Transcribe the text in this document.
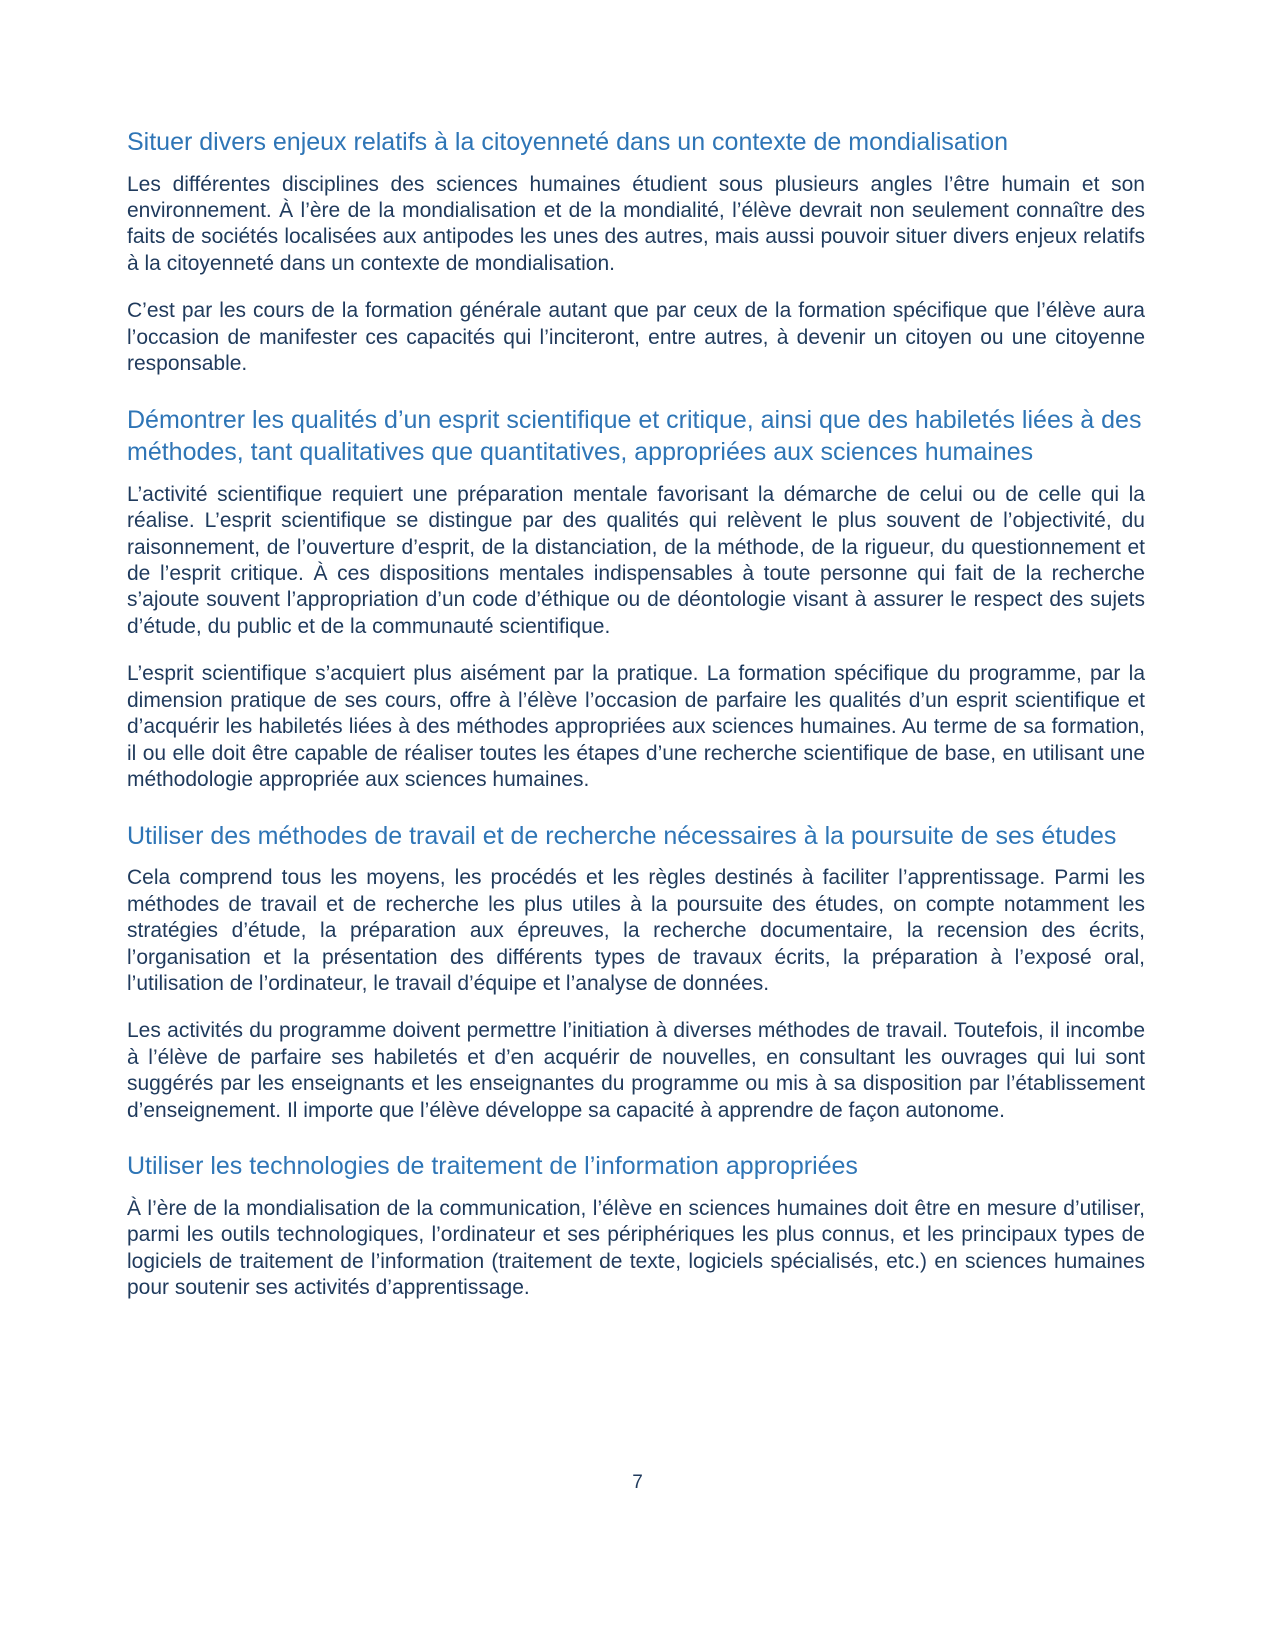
Situer divers enjeux relatifs à la citoyenneté dans un contexte de mondialisation

Les différentes disciplines des sciences humaines étudient sous plusieurs angles l’être humain et son environnement. À l’ère de la mondialisation et de la mondialité, l’élève devrait non seulement connaître des faits de sociétés localisées aux antipodes les unes des autres, mais aussi pouvoir situer divers enjeux relatifs à la citoyenneté dans un contexte de mondialisation.

C’est par les cours de la formation générale autant que par ceux de la formation spécifique que l’élève aura l’occasion de manifester ces capacités qui l’inciteront, entre autres, à devenir un citoyen ou une citoyenne responsable.

Démontrer les qualités d’un esprit scientifique et critique, ainsi que des habiletés liées à des méthodes, tant qualitatives que quantitatives, appropriées aux sciences humaines

L’activité scientifique requiert une préparation mentale favorisant la démarche de celui ou de celle qui la réalise. L’esprit scientifique se distingue par des qualités qui relèvent le plus souvent de l’objectivité, du raisonnement, de l’ouverture d’esprit, de la distanciation, de la méthode, de la rigueur, du questionnement et de l’esprit critique. À ces dispositions mentales indispensables à toute personne qui fait de la recherche s’ajoute souvent l’appropriation d’un code d’éthique ou de déontologie visant à assurer le respect des sujets d’étude, du public et de la communauté scientifique.

L’esprit scientifique s’acquiert plus aisément par la pratique. La formation spécifique du programme, par la dimension pratique de ses cours, offre à l’élève l’occasion de parfaire les qualités d’un esprit scientifique et d’acquérir les habiletés liées à des méthodes appropriées aux sciences humaines. Au terme de sa formation, il ou elle doit être capable de réaliser toutes les étapes d’une recherche scientifique de base, en utilisant une méthodologie appropriée aux sciences humaines.

Utiliser des méthodes de travail et de recherche nécessaires à la poursuite de ses études

Cela comprend tous les moyens, les procédés et les règles destinés à faciliter l’apprentissage. Parmi les méthodes de travail et de recherche les plus utiles à la poursuite des études, on compte notamment les stratégies d’étude, la préparation aux épreuves, la recherche documentaire, la recension des écrits, l’organisation et la présentation des différents types de travaux écrits, la préparation à l’exposé oral, l’utilisation de l’ordinateur, le travail d’équipe et l’analyse de données.

Les activités du programme doivent permettre l’initiation à diverses méthodes de travail. Toutefois, il incombe à l’élève de parfaire ses habiletés et d’en acquérir de nouvelles, en consultant les ouvrages qui lui sont suggérés par les enseignants et les enseignantes du programme ou mis à sa disposition par l’établissement d’enseignement. Il importe que l’élève développe sa capacité à apprendre de façon autonome.

Utiliser les technologies de traitement de l’information appropriées

À l’ère de la mondialisation de la communication, l’élève en sciences humaines doit être en mesure d’utiliser, parmi les outils technologiques, l’ordinateur et ses périphériques les plus connus, et les principaux types de logiciels de traitement de l’information (traitement de texte, logiciels spécialisés, etc.) en sciences humaines pour soutenir ses activités d’apprentissage.

7
